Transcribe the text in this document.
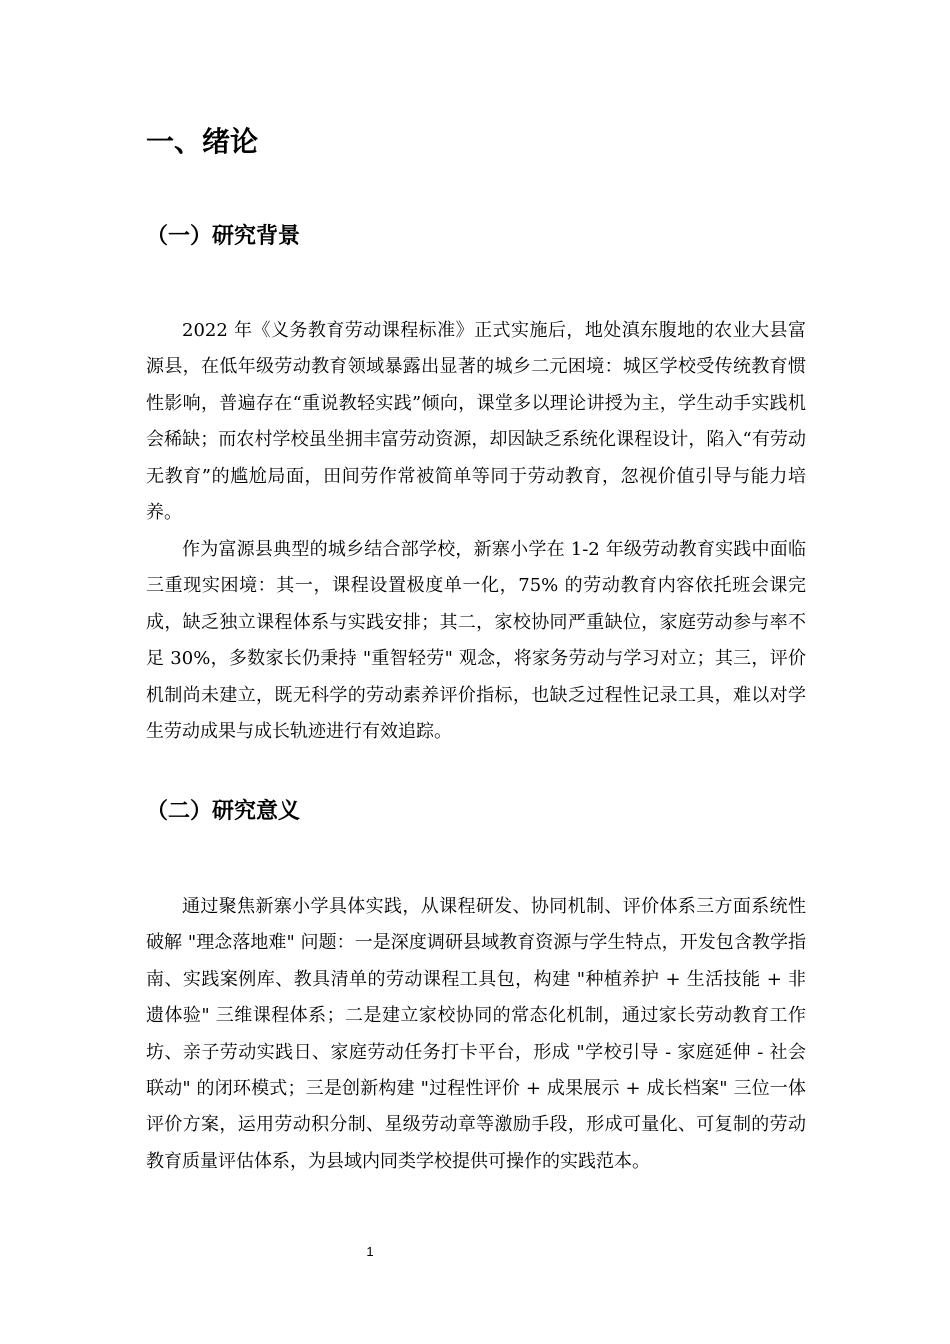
一、绪论
（一）研究背景

2022 年《义务教育劳动课程标准》正式实施后，地处滇东腹地的农业大县富源县，在低年级劳动教育领域暴露出显著的城乡二元困境：城区学校受传统教育惯性影响，普遍存在“重说教轻实践”倾向，课堂多以理论讲授为主，学生动手实践机会稀缺；而农村学校虽坐拥丰富劳动资源，却因缺乏系统化课程设计，陷入“有劳动无教育”的尴尬局面，田间劳作常被简单等同于劳动教育，忽视价值引导与能力培养。

作为富源县典型的城乡结合部学校，新寨小学在 1-2 年级劳动教育实践中面临三重现实困境：其一，课程设置极度单一化，75% 的劳动教育内容依托班会课完成，缺乏独立课程体系与实践安排；其二，家校协同严重缺位，家庭劳动参与率不足 30%，多数家长仍秉持 "重智轻劳" 观念，将家务劳动与学习对立；其三，评价机制尚未建立，既无科学的劳动素养评价指标，也缺乏过程性记录工具，难以对学生劳动成果与成长轨迹进行有效追踪。

（二）研究意义

通过聚焦新寨小学具体实践，从课程研发、协同机制、评价体系三方面系统性破解 "理念落地难" 问题：一是深度调研县域教育资源与学生特点，开发包含教学指南、实践案例库、教具清单的劳动课程工具包，构建 "种植养护 + 生活技能 + 非遗体验" 三维课程体系；二是建立家校协同的常态化机制，通过家长劳动教育工作坊、亲子劳动实践日、家庭劳动任务打卡平台，形成 "学校引导 - 家庭延伸 - 社会联动" 的闭环模式；三是创新构建 "过程性评价 + 成果展示 + 成长档案" 三位一体评价方案，运用劳动积分制、星级劳动章等激励手段，形成可量化、可复制的劳动教育质量评估体系，为县域内同类学校提供可操作的实践范本。

1
